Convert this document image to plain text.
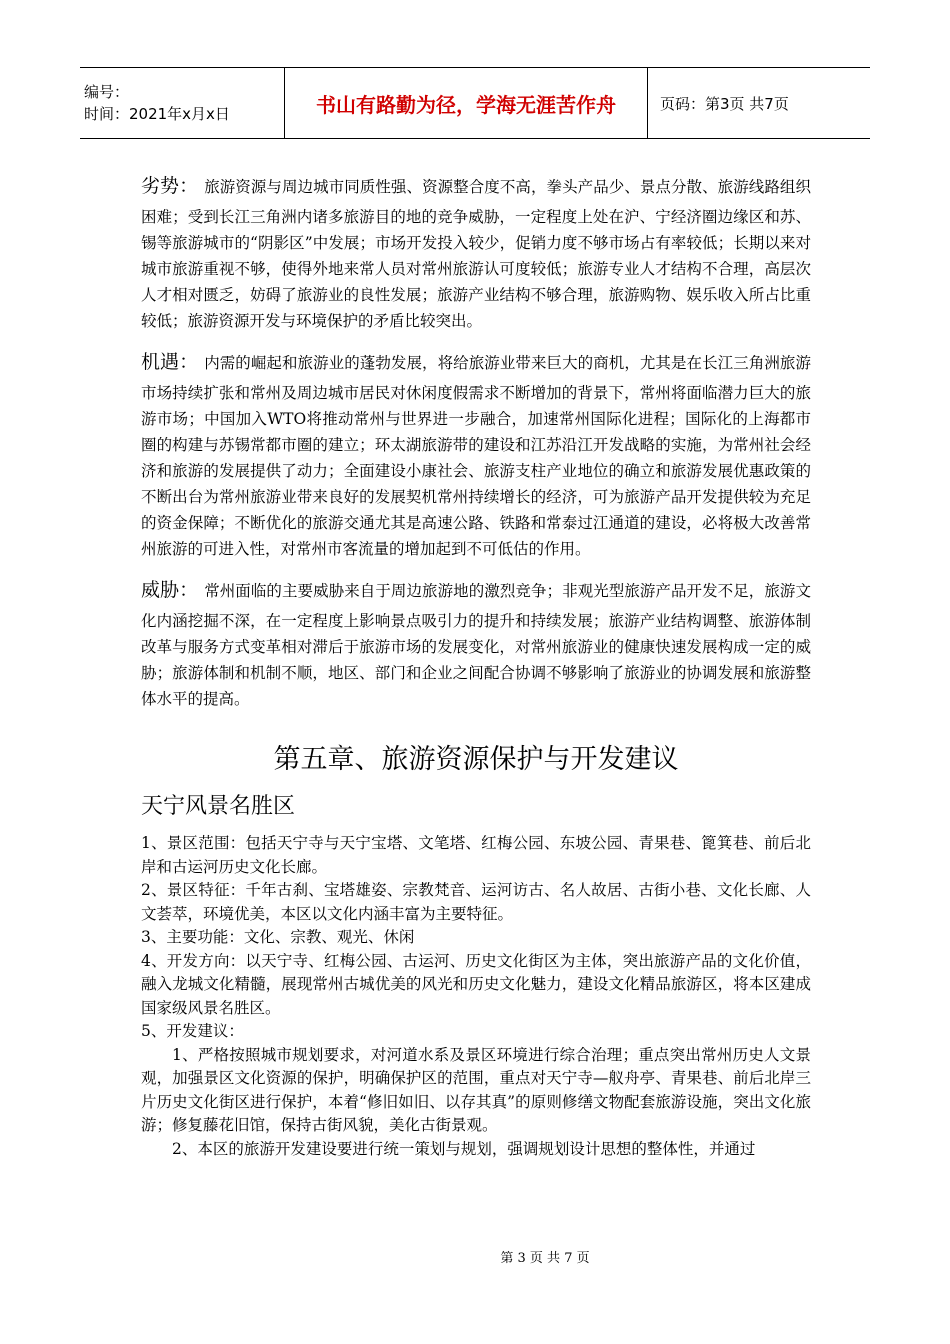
编号：
时间：2021年x月x日	书山有路勤为径，学海无涯苦作舟	页码：第3页 共7页

劣势： 旅游资源与周边城市同质性强、资源整合度不高，拳头产品少、景点分散、旅游线路组织困难；受到长江三角洲内诸多旅游目的地的竞争威胁，一定程度上处在沪、宁经济圈边缘区和苏、锡等旅游城市的“阴影区”中发展；市场开发投入较少，促销力度不够市场占有率较低；长期以来对城市旅游重视不够，使得外地来常人员对常州旅游认可度较低；旅游专业人才结构不合理，高层次人才相对匮乏，妨碍了旅游业的良性发展；旅游产业结构不够合理，旅游购物、娱乐收入所占比重较低；旅游资源开发与环境保护的矛盾比较突出。

机遇： 内需的崛起和旅游业的蓬勃发展，将给旅游业带来巨大的商机，尤其是在长江三角洲旅游市场持续扩张和常州及周边城市居民对休闲度假需求不断增加的背景下，常州将面临潜力巨大的旅游市场；中国加入WTO将推动常州与世界进一步融合，加速常州国际化进程；国际化的上海都市圈的构建与苏锡常都市圈的建立；环太湖旅游带的建设和江苏沿江开发战略的实施，为常州社会经济和旅游的发展提供了动力；全面建设小康社会、旅游支柱产业地位的确立和旅游发展优惠政策的不断出台为常州旅游业带来良好的发展契机常州持续增长的经济，可为旅游产品开发提供较为充足的资金保障；不断优化的旅游交通尤其是高速公路、铁路和常泰过江通道的建设，必将极大改善常州旅游的可进入性，对常州市客流量的增加起到不可低估的作用。

威胁： 常州面临的主要威胁来自于周边旅游地的激烈竞争；非观光型旅游产品开发不足，旅游文化内涵挖掘不深，在一定程度上影响景点吸引力的提升和持续发展；旅游产业结构调整、旅游体制改革与服务方式变革相对滞后于旅游市场的发展变化，对常州旅游业的健康快速发展构成一定的威胁；旅游体制和机制不顺，地区、部门和企业之间配合协调不够影响了旅游业的协调发展和旅游整体水平的提高。

第五章、旅游资源保护与开发建议
天宁风景名胜区

1、景区范围：包括天宁寺与天宁宝塔、文笔塔、红梅公园、东坡公园、青果巷、篦箕巷、前后北岸和古运河历史文化长廊。

2、景区特征：千年古刹、宝塔雄姿、宗教梵音、运河访古、名人故居、古街小巷、文化长廊、人文荟萃，环境优美，本区以文化内涵丰富为主要特征。

3、主要功能：文化、宗教、观光、休闲

4、开发方向：以天宁寺、红梅公园、古运河、历史文化街区为主体，突出旅游产品的文化价值，融入龙城文化精髓，展现常州古城优美的风光和历史文化魅力，建设文化精品旅游区，将本区建成国家级风景名胜区。

5、开发建议：

1、严格按照城市规划要求，对河道水系及景区环境进行综合治理；重点突出常州历史人文景观，加强景区文化资源的保护，明确保护区的范围，重点对天宁寺—舣舟亭、青果巷、前后北岸三片历史文化街区进行保护，本着“修旧如旧、以存其真”的原则修缮文物配套旅游设施，突出文化旅游；修复藤花旧馆，保持古街风貌，美化古街景观。

2、本区的旅游开发建设要进行统一策划与规划，强调规划设计思想的整体性，并通过

第 3 页 共 7 页
